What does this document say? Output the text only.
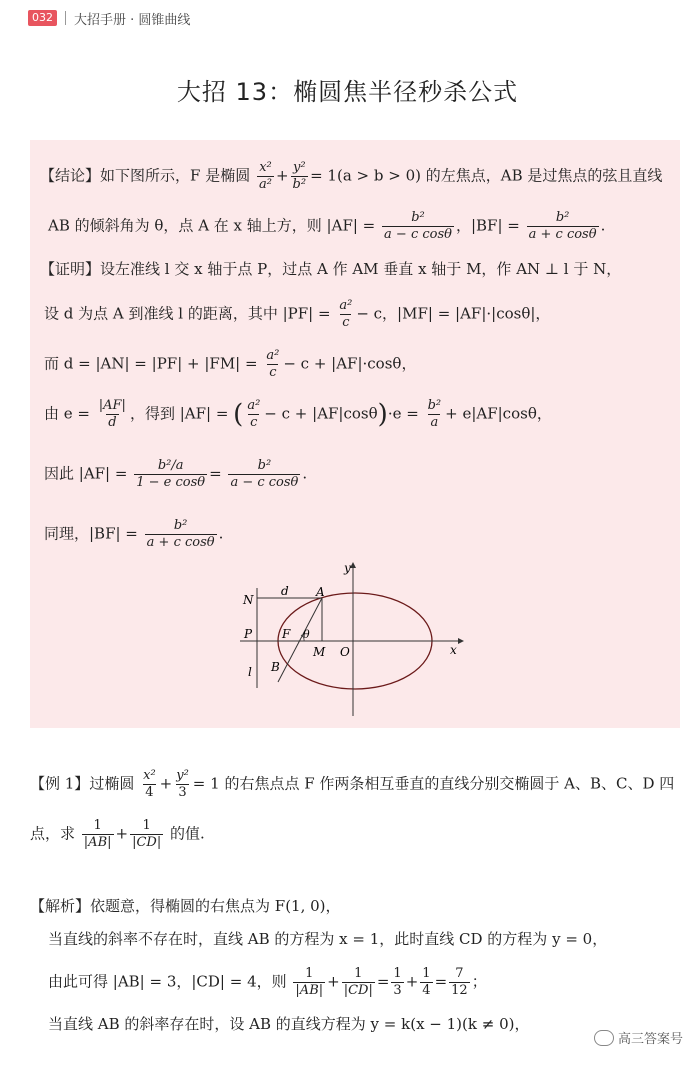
032	大招手册 · 圆锥曲线
大招 13：椭圆焦半径秒杀公式
【结论】如下图所示，F 是椭圆 $\frac{\text{x²}}{\text{a²}} + \frac{\text{y²}}{\text{b²}} = 1(a > b > 0)$ 的左焦点，AB 是过焦点的弦且直线
AB 的倾斜角为 θ，点 A 在 x 轴上方，则 $|AF| = \frac{\text{b²}}{\text{a − c cosθ}}$ ，$|BF| = \frac{\text{b²}}{\text{a + c cosθ}}$ .
【证明】设左准线 l 交 x 轴于点 P，过点 A 作 AM 垂直 x 轴于 M，作 AN ⊥ l 于 N，
设 d 为点 A 到准线 l 的距离，其中 $|PF| = \frac{\text{a²}}{c} - c$，|MF| = |AF|·|cosθ|，
而 $d = |AN| = |PF| + |FM| = \frac{\text{a²}}{c} - c + |AF|\cdot\cos\theta$，
由 $e = \frac{|AF|}{d}$ ，得到 |AF| = ( $\frac{\text{a²}}{c} - c + |AF|\cos\theta)\cdot e = \frac{\text{b²}}{a} + e|AF|\cos\theta$，
因此 $|AF| = \frac{\text{b²/a}}{\text{1 − e cosθ}} = \frac{\text{b²}}{\text{a − c cosθ}}$ .
同理，$|BF| = \frac{\text{b²}}{\text{a + c cosθ}}$ .
y
x
N
d A
P F θ
M O
l B
【例 1】过椭圆 $\frac{\text{x²}}{4} + \frac{\text{y²}}{3} = 1$ 的右焦点点 F 作两条相互垂直的直线分别交椭圆于 A、B、C、D 四
点，求 $\frac{1}{|AB|} + \frac{1}{|CD|}$ 的值.
【解析】依题意，得椭圆的右焦点为 F(1, 0)，
当直线的斜率不存在时，直线 AB 的方程为 x = 1，此时直线 CD 的方程为 y = 0，
由此可得 |AB| = 3，|CD| = 4，则 $\frac{1}{|AB|} + \frac{1}{|CD|} = \frac{1}{3} + \frac{1}{4} = \frac{7}{12}$ ；
当直线 AB 的斜率存在时，设 AB 的直线方程为 y = k(x − 1)(k ≠ 0)，
高三答案号
